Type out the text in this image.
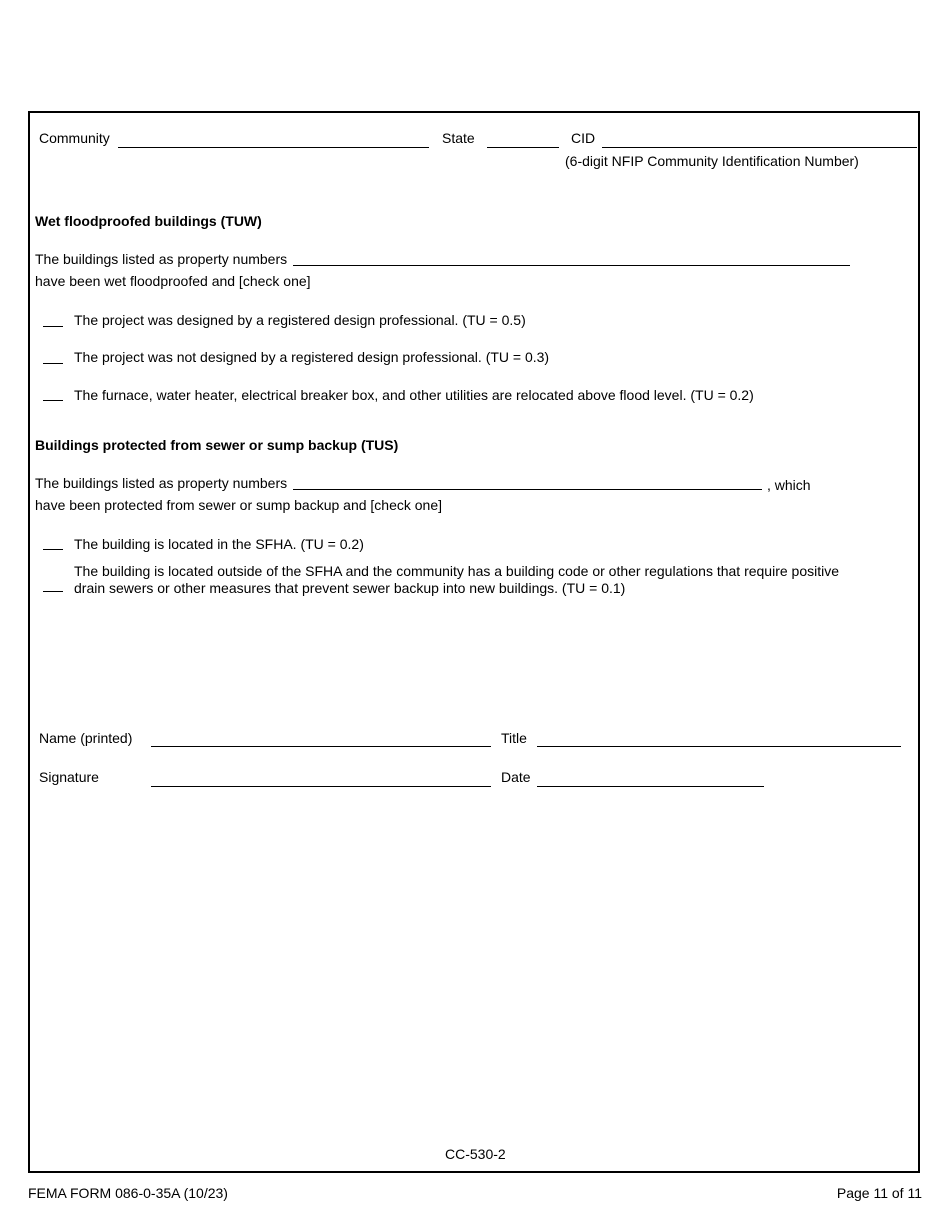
Community	State	CID
(6-digit NFIP Community Identification Number)
Wet floodproofed buildings (TUW)
The buildings listed as property numbers
have been wet floodproofed and [check one]
The project was designed by a registered design professional. (TU = 0.5)
The project was not designed by a registered design professional. (TU = 0.3)
The furnace, water heater, electrical breaker box, and other utilities are relocated above flood level. (TU = 0.2)
Buildings protected from sewer or sump backup (TUS)
The buildings listed as property numbers	, which
have been protected from sewer or sump backup and [check one]
The building is located in the SFHA. (TU = 0.2)
The building is located outside of the SFHA and the community has a building code or other regulations that require positive
drain sewers or other measures that prevent sewer backup into new buildings. (TU = 0.1)
Name (printed)	Title
Signature	Date
CC-530-2
FEMA FORM 086-0-35A (10/23)	Page 11 of 11
